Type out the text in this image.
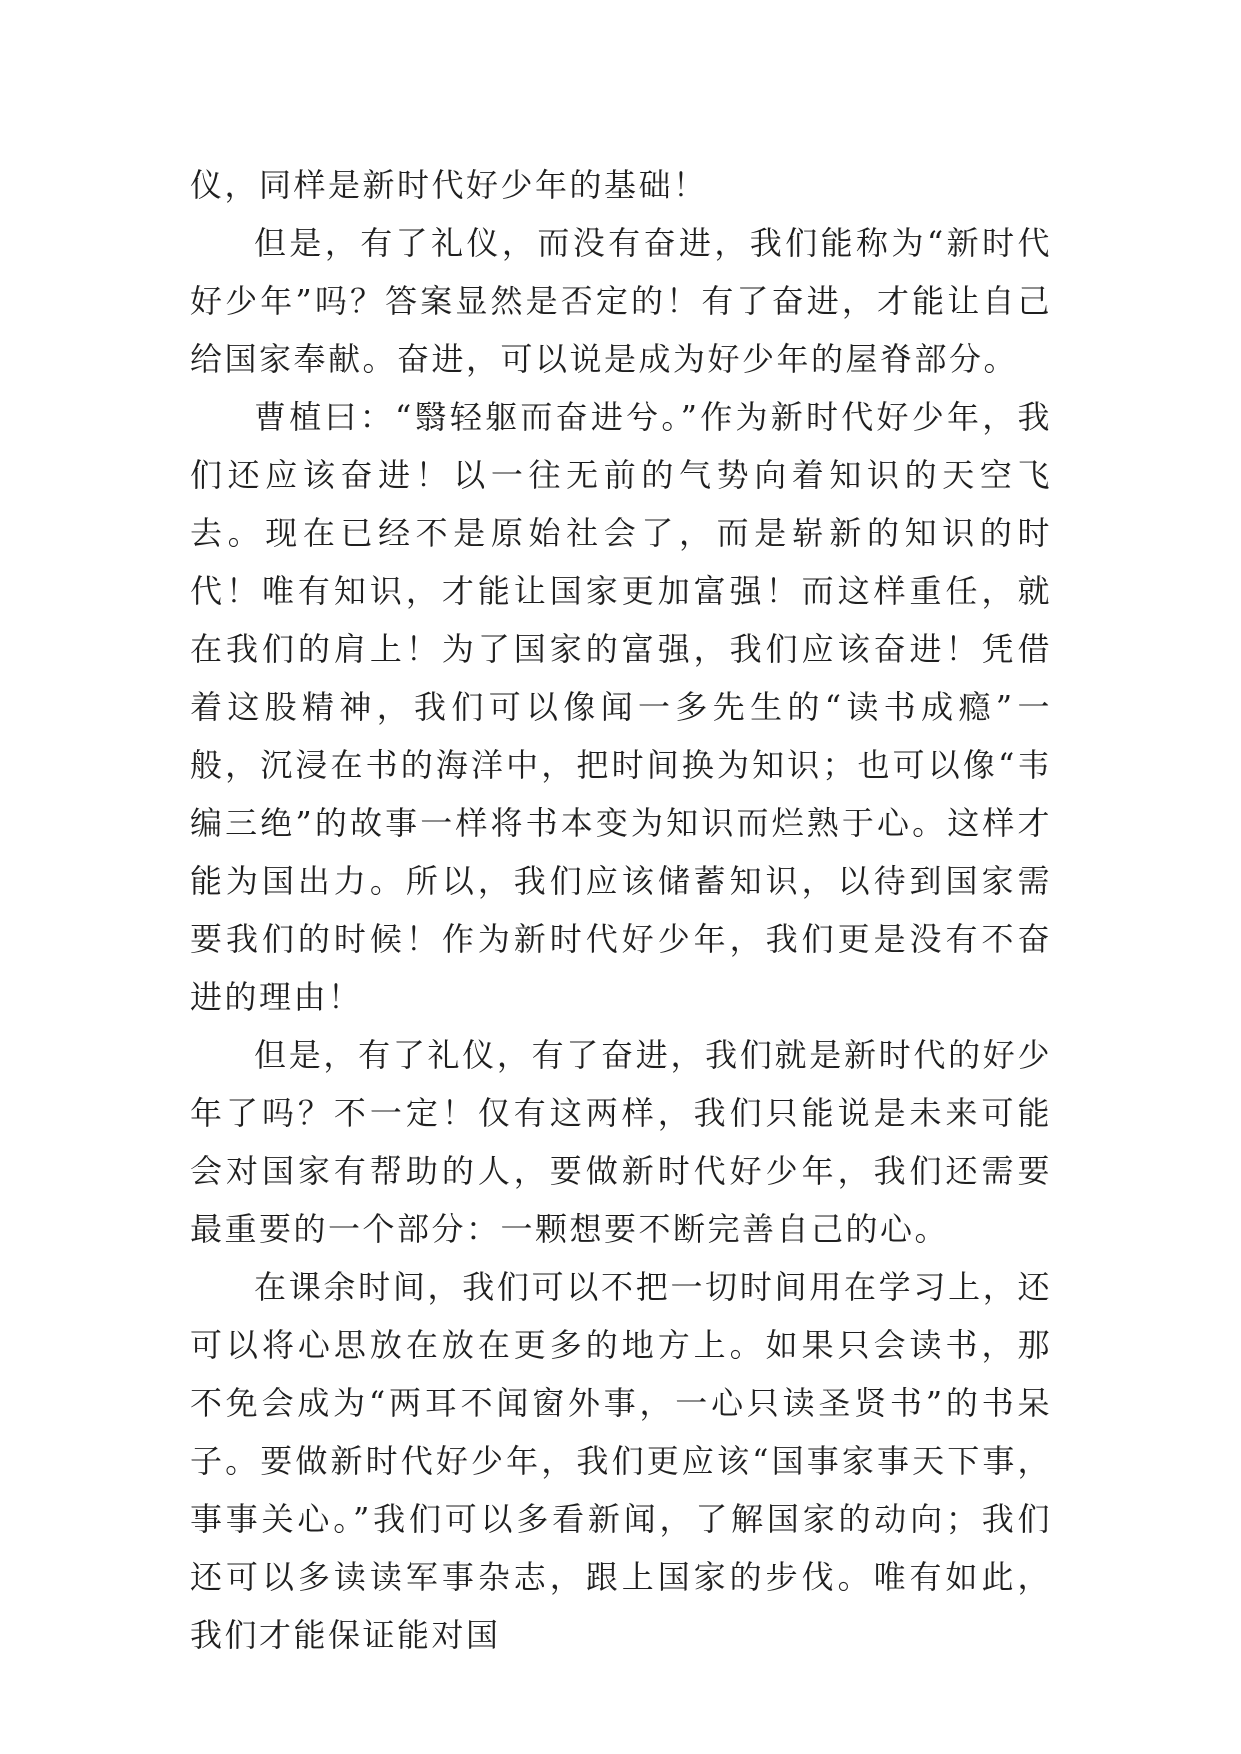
仪，同样是新时代好少年的基础！

但是，有了礼仪，而没有奋进，我们能称为“新时代好少年”吗？答案显然是否定的！有了奋进，才能让自己给国家奉献。奋进，可以说是成为好少年的屋脊部分。

曹植曰：“翳轻躯而奋进兮。”作为新时代好少年，我们还应该奋进！以一往无前的气势向着知识的天空飞去。现在已经不是原始社会了，而是崭新的知识的时代！唯有知识，才能让国家更加富强！而这样重任，就在我们的肩上！为了国家的富强，我们应该奋进！凭借着这股精神，我们可以像闻一多先生的“读书成瘾”一般，沉浸在书的海洋中，把时间换为知识；也可以像“韦编三绝”的故事一样将书本变为知识而烂熟于心。这样才能为国出力。所以，我们应该储蓄知识，以待到国家需要我们的时候！作为新时代好少年，我们更是没有不奋进的理由！

但是，有了礼仪，有了奋进，我们就是新时代的好少年了吗？不一定！仅有这两样，我们只能说是未来可能会对国家有帮助的人，要做新时代好少年，我们还需要最重要的一个部分：一颗想要不断完善自己的心。

在课余时间，我们可以不把一切时间用在学习上，还可以将心思放在放在更多的地方上。如果只会读书，那不免会成为“两耳不闻窗外事，一心只读圣贤书”的书呆子。要做新时代好少年，我们更应该“国事家事天下事，事事关心。”我们可以多看新闻，了解国家的动向；我们还可以多读读军事杂志，跟上国家的步伐。唯有如此，我们才能保证能对国
